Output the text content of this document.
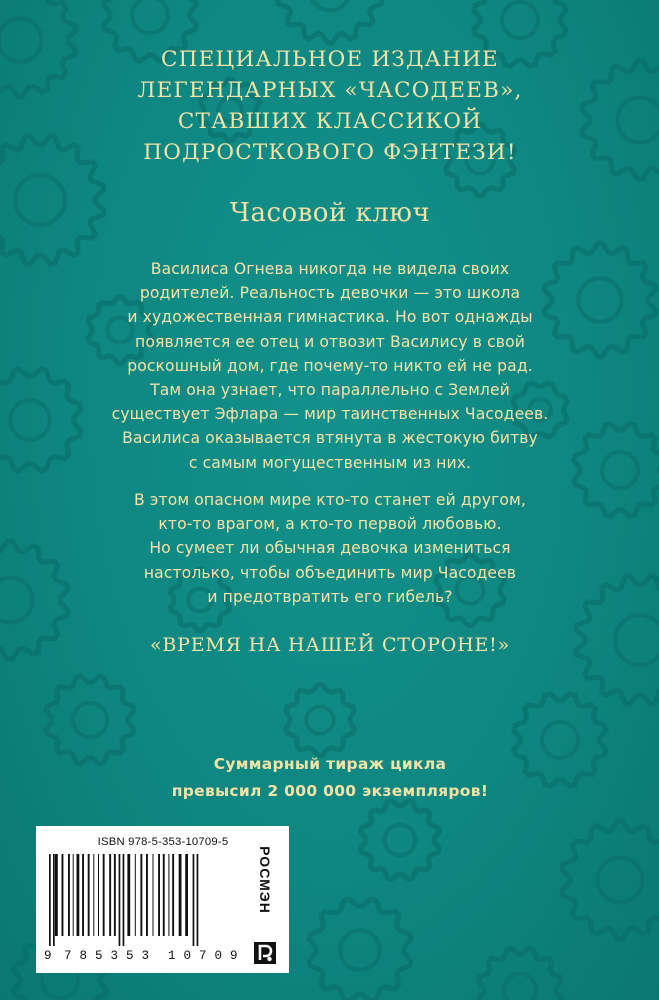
СПЕЦИАЛЬНОЕ ИЗДАНИЕ
ЛЕГЕНДАРНЫХ «ЧАСОДЕЕВ»,
СТАВШИХ КЛАССИКОЙ
ПОДРОСТКОВОГО ФЭНТЕЗИ!
Часовой ключ
Василиса Огнева никогда не видела своих
родителей. Реальность девочки — это школа
и художественная гимнастика. Но вот однажды
появляется ее отец и отвозит Василису в свой
роскошный дом, где почему-то никто ей не рад.
Там она узнает, что параллельно с Землей
существует Эфлара — мир таинственных Часодеев.
Василиса оказывается втянута в жестокую битву
с самым могущественным из них.
В этом опасном мире кто-то станет ей другом,
кто-то врагом, а кто-то первой любовью.
Но сумеет ли обычная девочка измениться
настолько, чтобы объединить мир Часодеев
и предотвратить его гибель?
«ВРЕМЯ НА НАШЕЙ СТОРОНЕ!»
Суммарный тираж цикла
превысил 2 000 000 экземпляров!
ISBN 978-5-353-10709-5
9 7 8 5 3 5 3 1 0 7 0 9
РОСМЭН
